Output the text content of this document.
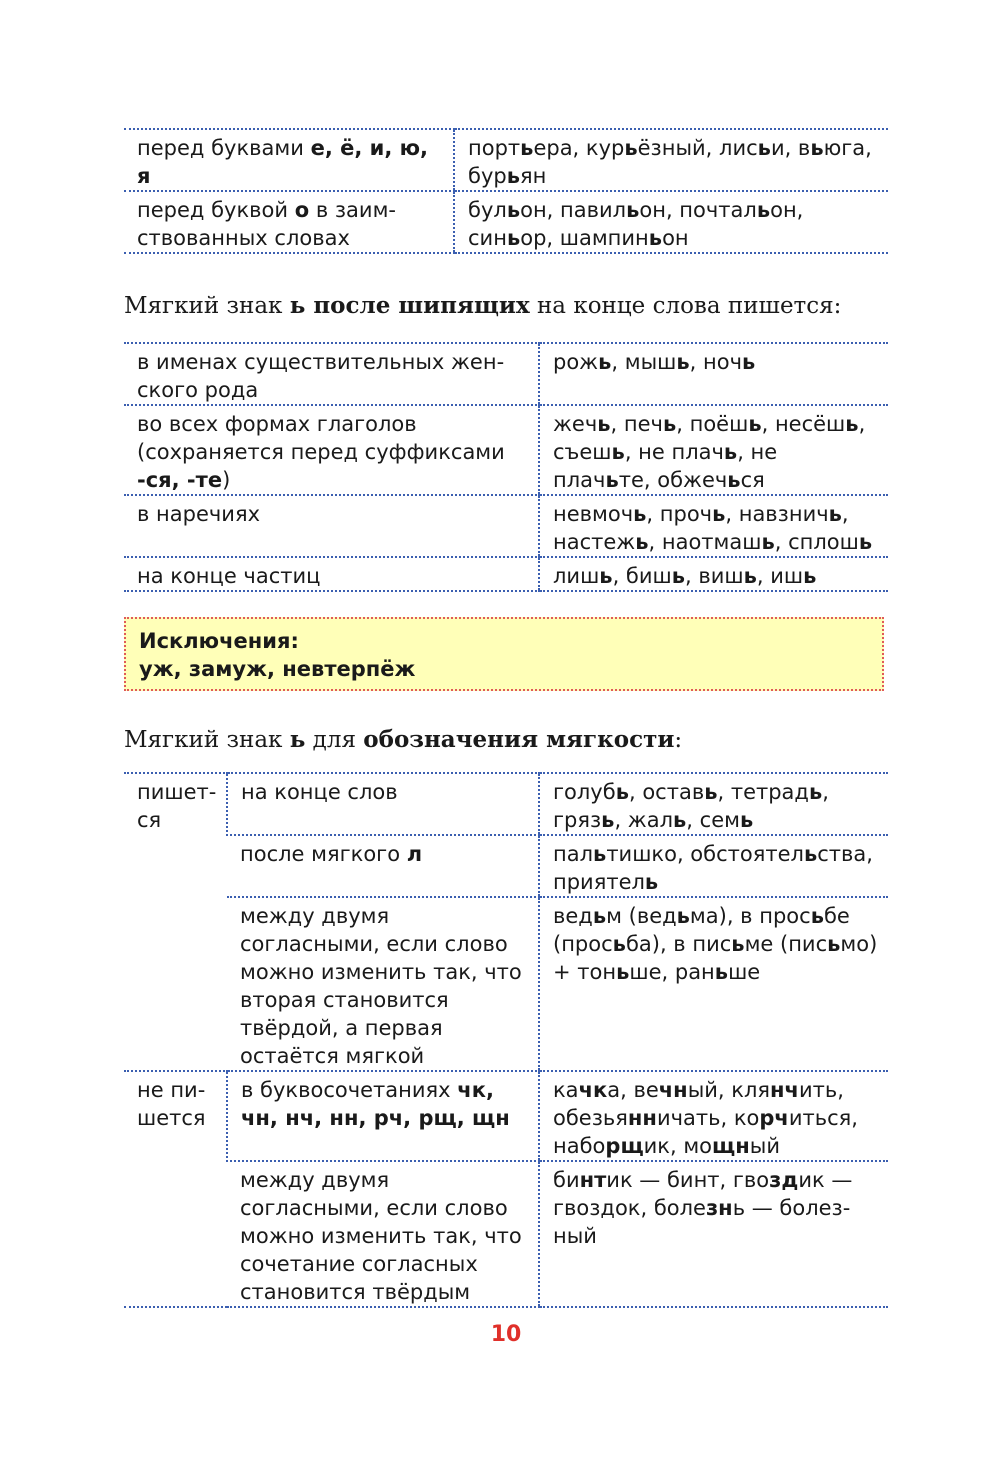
перед буквами е, ё, и, ю, я	портьера, курьёзный, лисьи, вьюга, бурьян
перед буквой о в заимствованных словах	бульон, павильон, почтальон, синьор, шампиньон

Мягкий знак ь после шипящих на конце слова пишется:

в именах существительных женского рода	рожь, мышь, ночь
во всех формах глаголов (сохраняется перед суффиксами -ся, -те)	жечь, печь, поёшь, несёшь, съешь, не плачь, не плачьте, обжечься
в наречиях	невмочь, прочь, навзничь, настежь, наотмашь, сплошь
на конце частиц	лишь, бишь, вишь, ишь
Исключения:
уж, замуж, невтерпёж

Мягкий знак ь для обозначения мягкости:

пишется	на конце слов	голубь, оставь, тетрадь, грязь, жаль, семь
	после мягкого л	пальтишко, обстоятельства, приятель
	между двумя согласными, если слово можно изменить так, что вторая становится твёрдой, а первая остаётся мягкой	ведьм (ведьма), в просьбе (просьба), в письме (письмо) + тоньше, раньше
не пишется	в буквосочетаниях чк, чн, нч, нн, рч, рщ, щн	качка, вечный, клянчить, обезьянничать, корчиться, наборщик, мощный
	между двумя согласными, если слово можно изменить так, что сочетание согласных становится твёрдым	бинтик — бинт, гвоздик — гвоздок, болезнь — болезный
10
